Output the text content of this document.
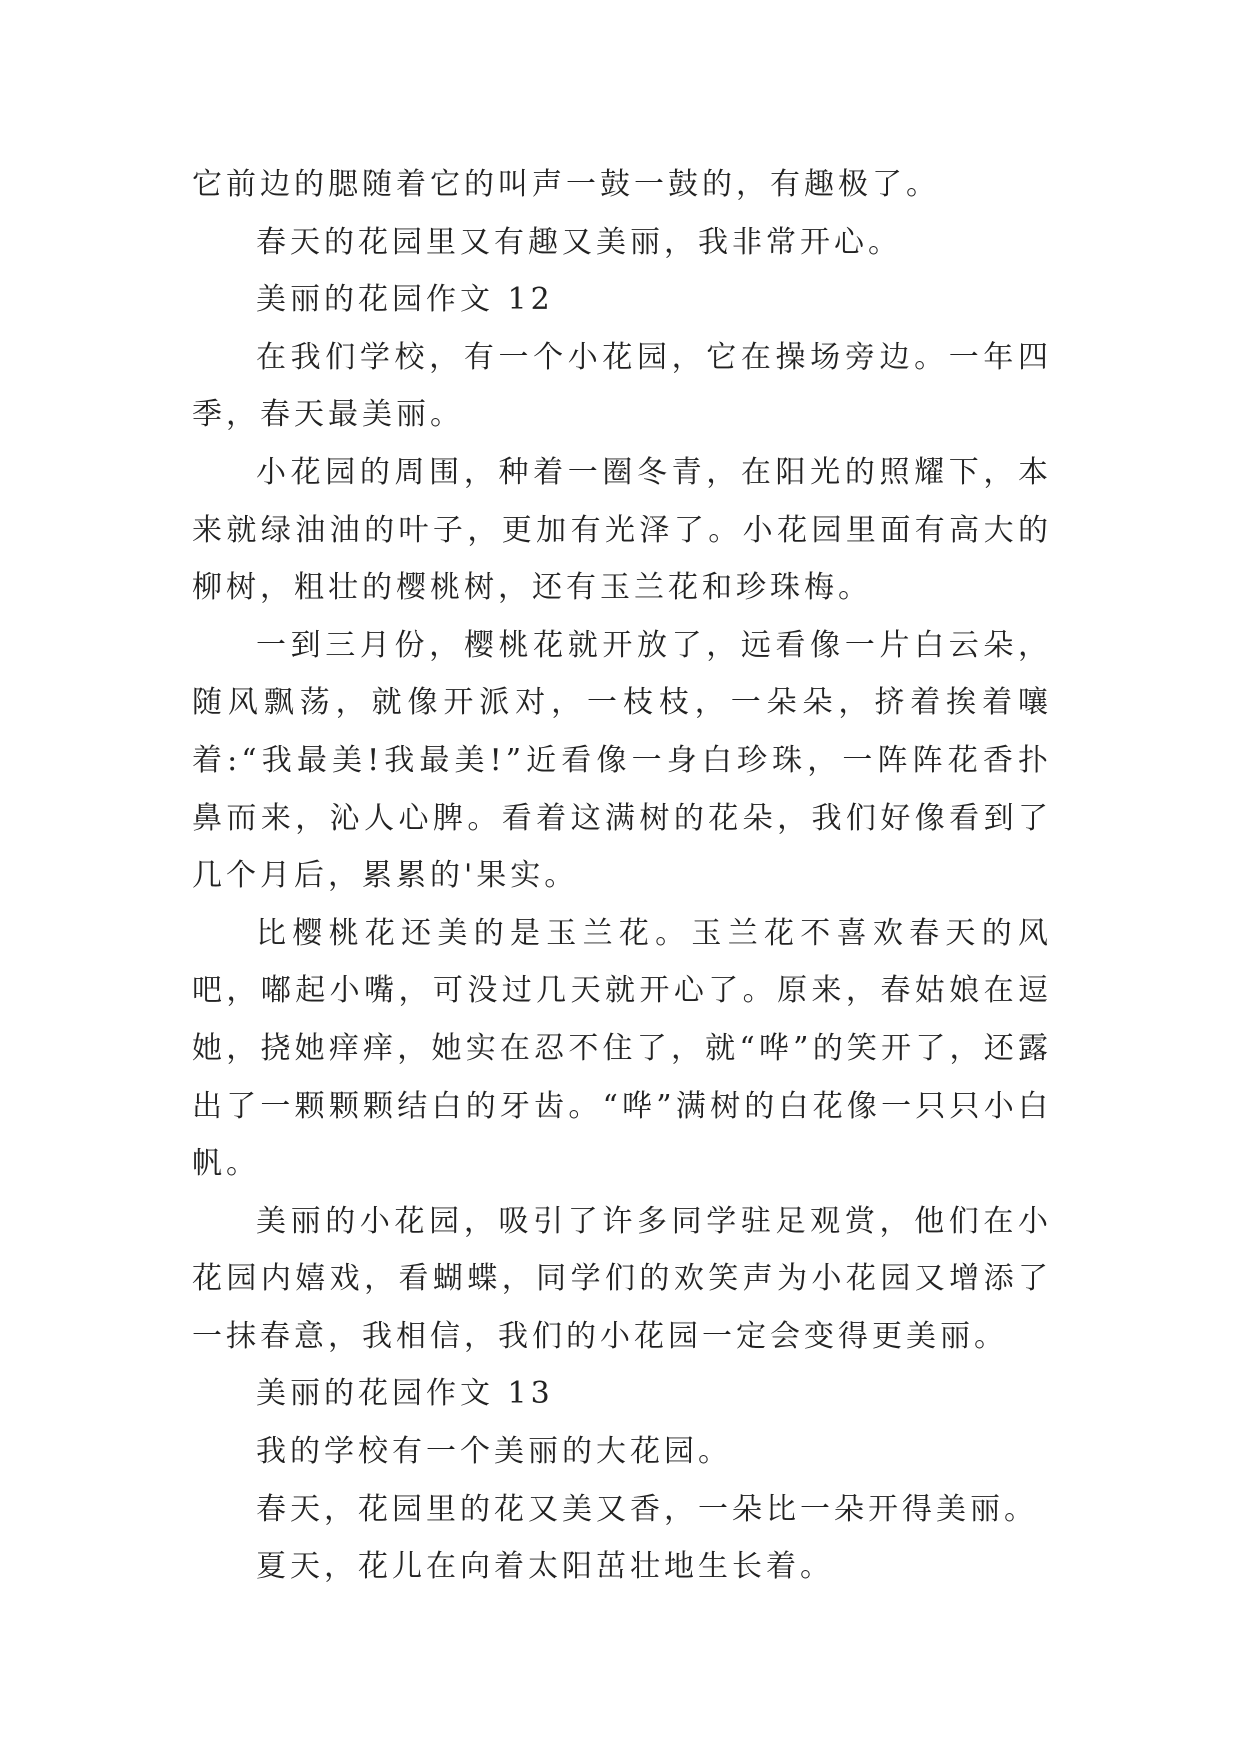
它前边的腮随着它的叫声一鼓一鼓的，有趣极了。

春天的花园里又有趣又美丽，我非常开心。

美丽的花园作文 12

在我们学校，有一个小花园，它在操场旁边。一年四季，春天最美丽。

小花园的周围，种着一圈冬青，在阳光的照耀下，本来就绿油油的叶子，更加有光泽了。小花园里面有高大的柳树，粗壮的樱桃树，还有玉兰花和珍珠梅。

一到三月份，樱桃花就开放了，远看像一片白云朵，随风飘荡，就像开派对，一枝枝，一朵朵，挤着挨着嚷着:“我最美!我最美!”近看像一身白珍珠，一阵阵花香扑鼻而来，沁人心脾。看着这满树的花朵，我们好像看到了几个月后，累累的'果实。

比樱桃花还美的是玉兰花。玉兰花不喜欢春天的风吧，嘟起小嘴，可没过几天就开心了。原来，春姑娘在逗她，挠她痒痒，她实在忍不住了，就“哗”的笑开了，还露出了一颗颗颗结白的牙齿。“哗”满树的白花像一只只小白帆。

美丽的小花园，吸引了许多同学驻足观赏，他们在小花园内嬉戏，看蝴蝶，同学们的欢笑声为小花园又增添了一抹春意，我相信，我们的小花园一定会变得更美丽。

美丽的花园作文 13

我的学校有一个美丽的大花园。

春天，花园里的花又美又香，一朵比一朵开得美丽。

夏天，花儿在向着太阳茁壮地生长着。
